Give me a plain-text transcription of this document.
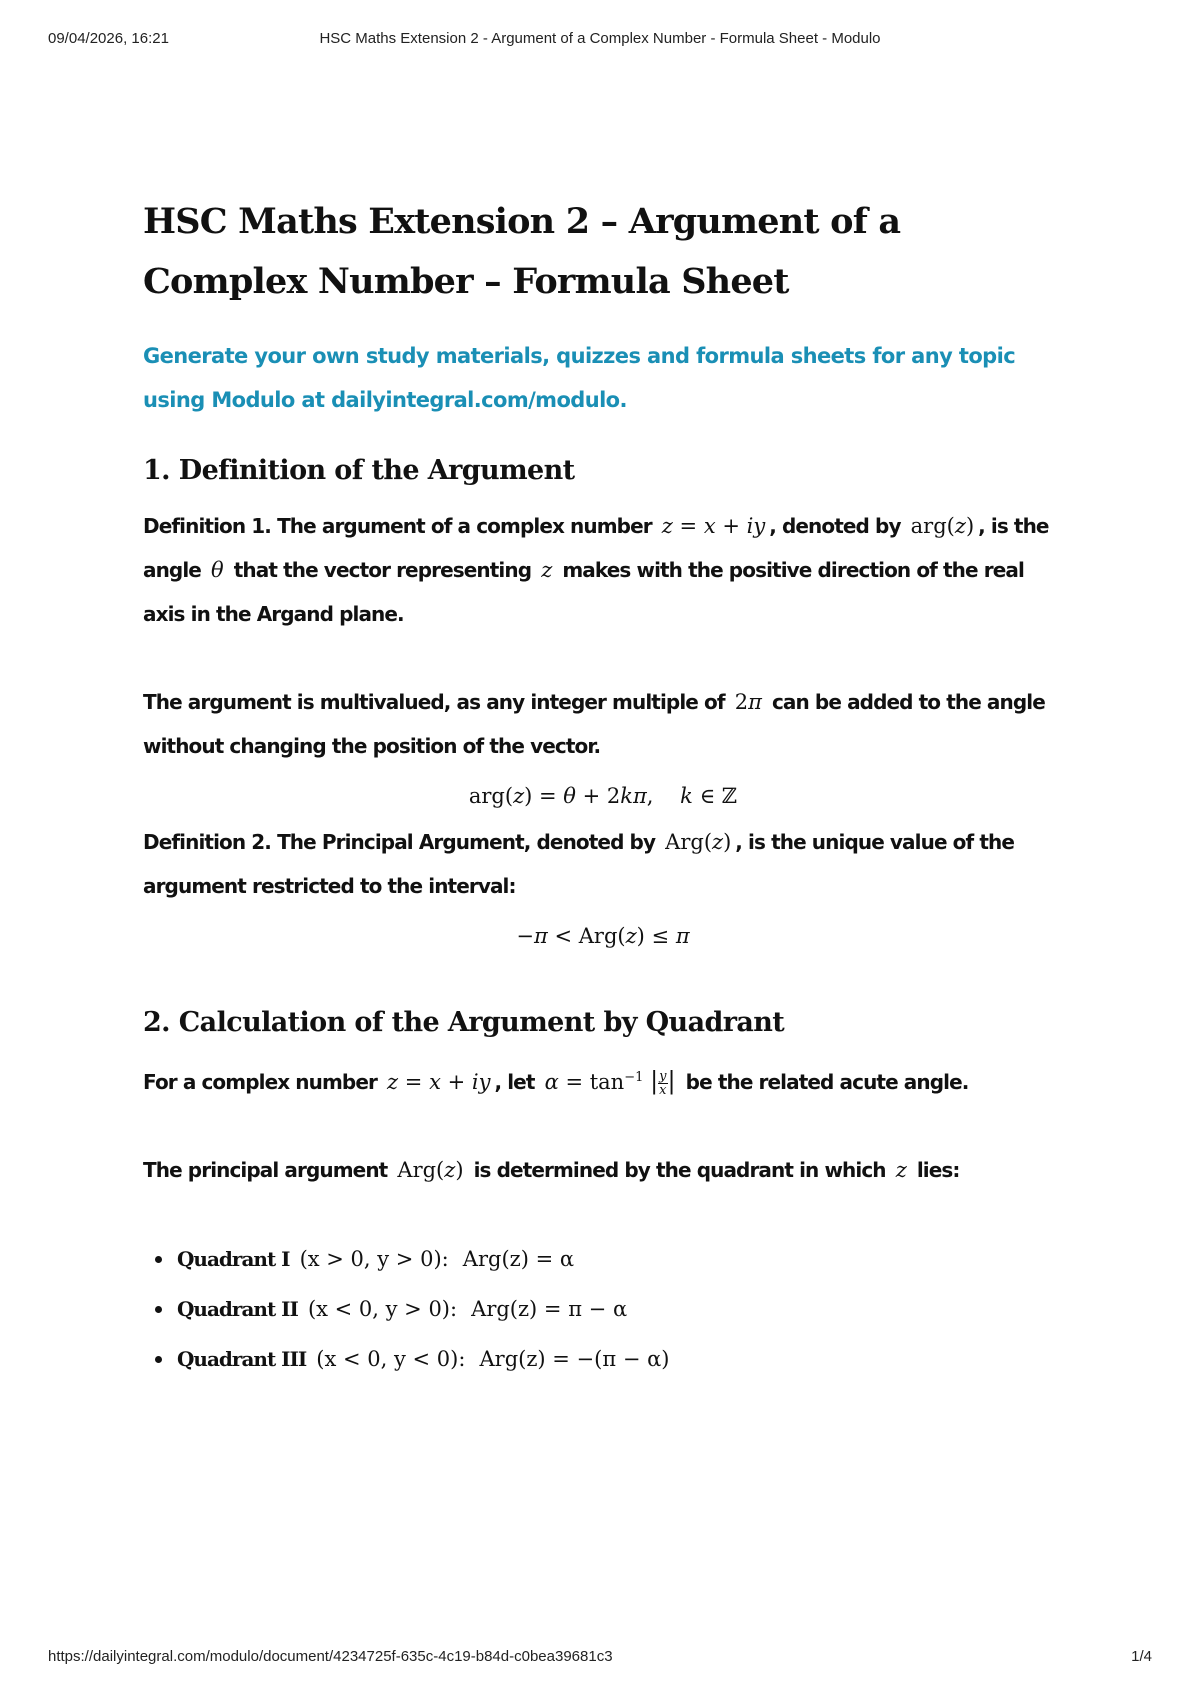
09/04/2026, 16:21	HSC Maths Extension 2 - Argument of a Complex Number - Formula Sheet - Modulo
HSC Maths Extension 2 – Argument of a Complex Number – Formula Sheet

Generate your own study materials, quizzes and formula sheets for any topic using Modulo at dailyintegral.com/modulo.

1. Definition of the Argument

Definition 1. The argument of a complex number z = x + iy , denoted by arg(z) , is the angle θ that the vector representing z makes with the positive direction of the real axis in the Argand plane.

The argument is multivalued, as any integer multiple of 2π can be added to the angle without changing the position of the vector.

arg(z) = θ + 2kπ,    k ∈ ℤ

Definition 2. The Principal Argument, denoted by Arg(z) , is the unique value of the argument restricted to the interval:

−π < Arg(z) ≤ π
2. Calculation of the Argument by Quadrant

For a complex number z = x + iy , let $\alpha = \tan^{-1}$ | $\frac{y}{x}$ | be the related acute angle.

The principal argument Arg(z) is determined by the quadrant in which z lies:

Quadrant I (x > 0, y > 0): Arg(z) = α
Quadrant II (x < 0, y > 0): Arg(z) = π − α
Quadrant III (x < 0, y < 0): Arg(z) = −(π − α)
https://dailyintegral.com/modulo/document/4234725f-635c-4c19-b84d-c0bea39681c3	1/4
